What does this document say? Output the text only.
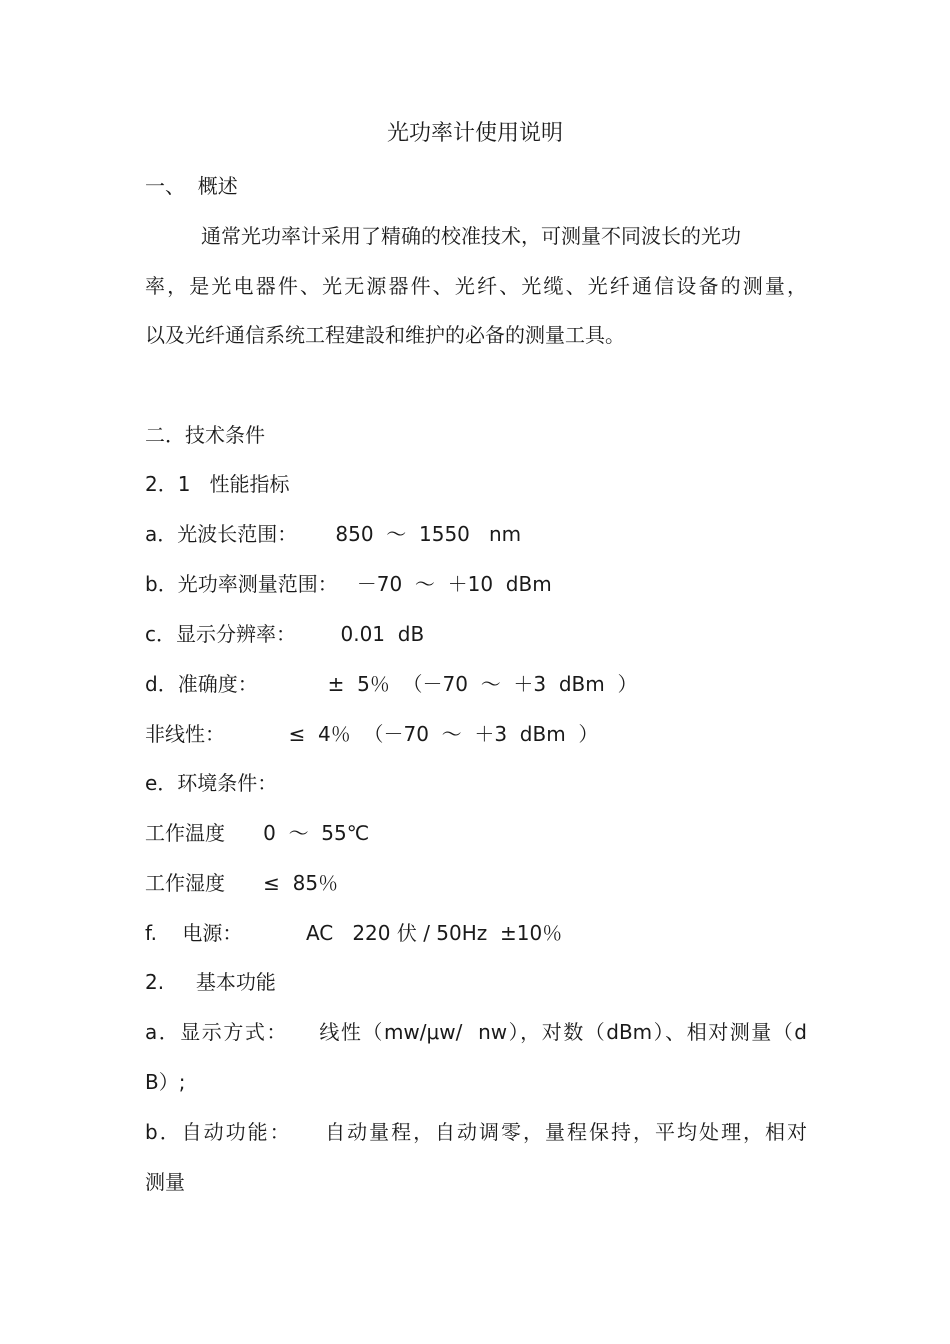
光功率计使用说明
一、  概述
通常光功率计采用了精确的校准技术，可测量不同波长的光功
率，是光电器件、光无源器件、光纤、光缆、光纤通信设备的测量，
以及光纤通信系统工程建設和维护的必备的测量工具。
二．技术条件
2．1   性能指标
a．光波长范围：      850  ～  1550   nm
b．光功率测量范围：   －70  ～  ＋10  dBm
c．显示分辨率：       0.01  dB
d．准确度：           ±  5％  （－70  ～  ＋3  dBm  ）
非线性：          ≤  4％  （－70  ～  ＋3  dBm  ）
e．环境条件：
工作温度      0  ～  55℃
工作湿度      ≤  85％
f.    电源：          AC   220 伏 / 50Hz  ±10％
2.     基本功能
a．显示方式：    线性（mw/μw/  nw），对数（dBm）、相对测量（d
B）;
b．自动功能：    自动量程，自动调零，量程保持，平均处理，相对
测量
